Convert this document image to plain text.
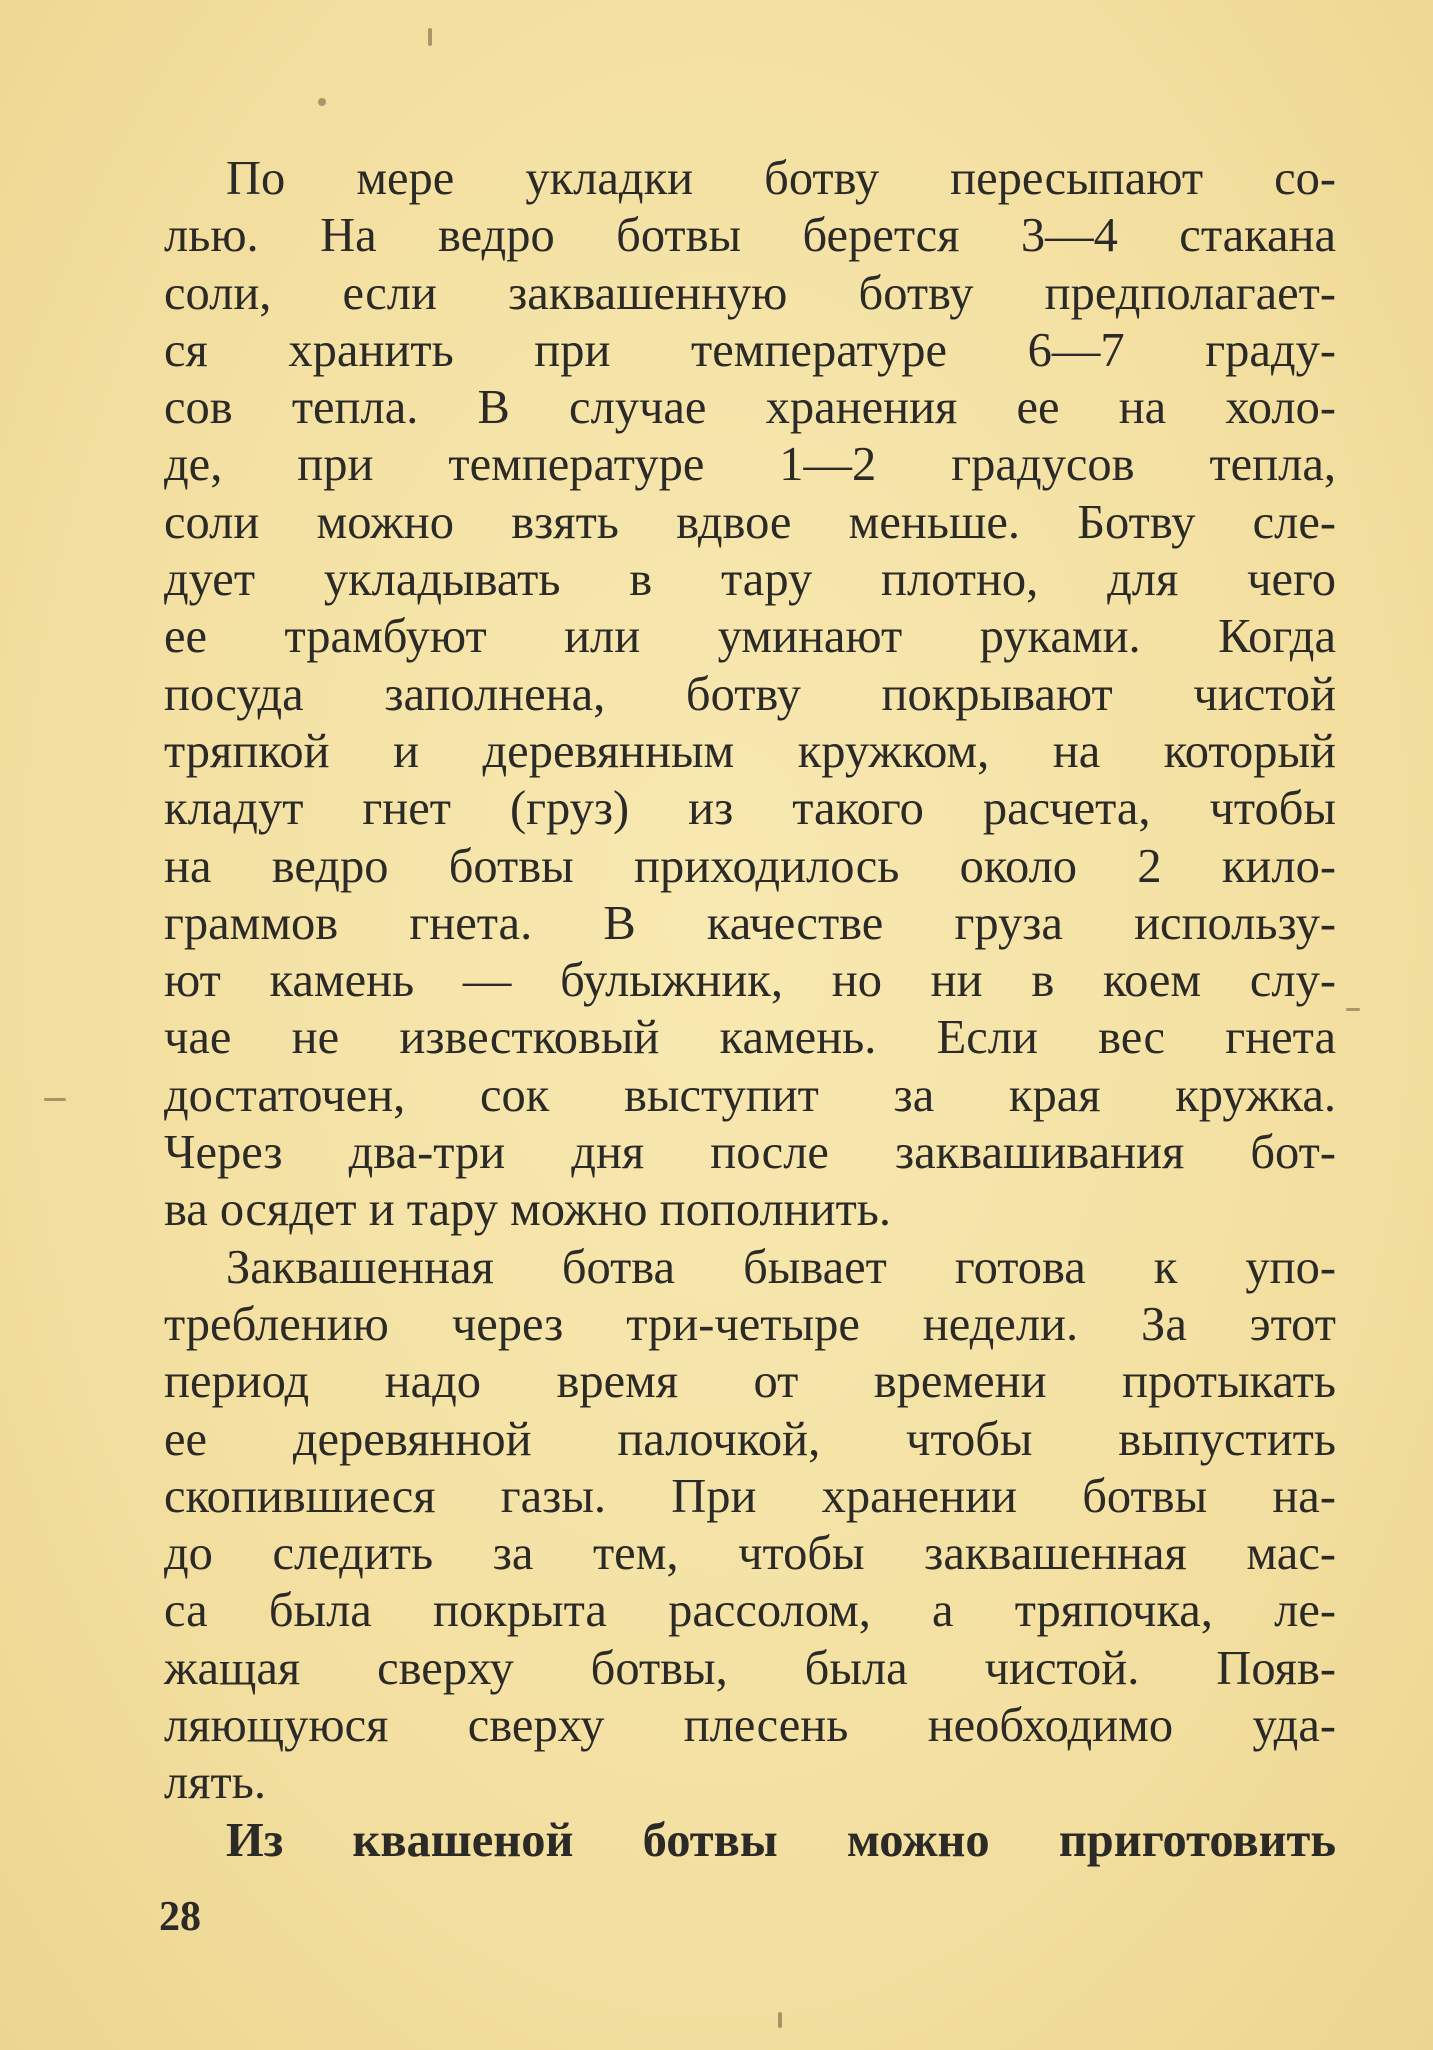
По мере укладки ботву пересыпают со-
лью. На ведро ботвы берется 3—4 стакана
соли, если заквашенную ботву предполагает-
ся хранить при температуре 6—7 граду-
сов тепла. В случае хранения ее на холо-
де, при температуре 1—2 градусов тепла,
соли можно взять вдвое меньше. Ботву сле-
дует укладывать в тару плотно, для чего
ее трамбуют или уминают руками. Когда
посуда заполнена, ботву покрывают чистой
тряпкой и деревянным кружком, на который
кладут гнет (груз) из такого расчета, чтобы
на ведро ботвы приходилось около 2 кило-
граммов гнета. В качестве груза использу-
ют камень — булыжник, но ни в коем слу-
чае не известковый камень. Если вес гнета
достаточен, сок выступит за края кружка.
Через два-три дня после заквашивания бот-
ва осядет и тару можно пополнить.
Заквашенная ботва бывает готова к упо-
треблению через три-четыре недели. За этот
период надо время от времени протыкать
ее деревянной палочкой, чтобы выпустить
скопившиеся газы. При хранении ботвы на-
до следить за тем, чтобы заквашенная мас-
са была покрыта рассолом, а тряпочка, ле-
жащая сверху ботвы, была чистой. Появ-
ляющуюся сверху плесень необходимо уда-
лять.
Из квашеной ботвы можно приготовить
28
